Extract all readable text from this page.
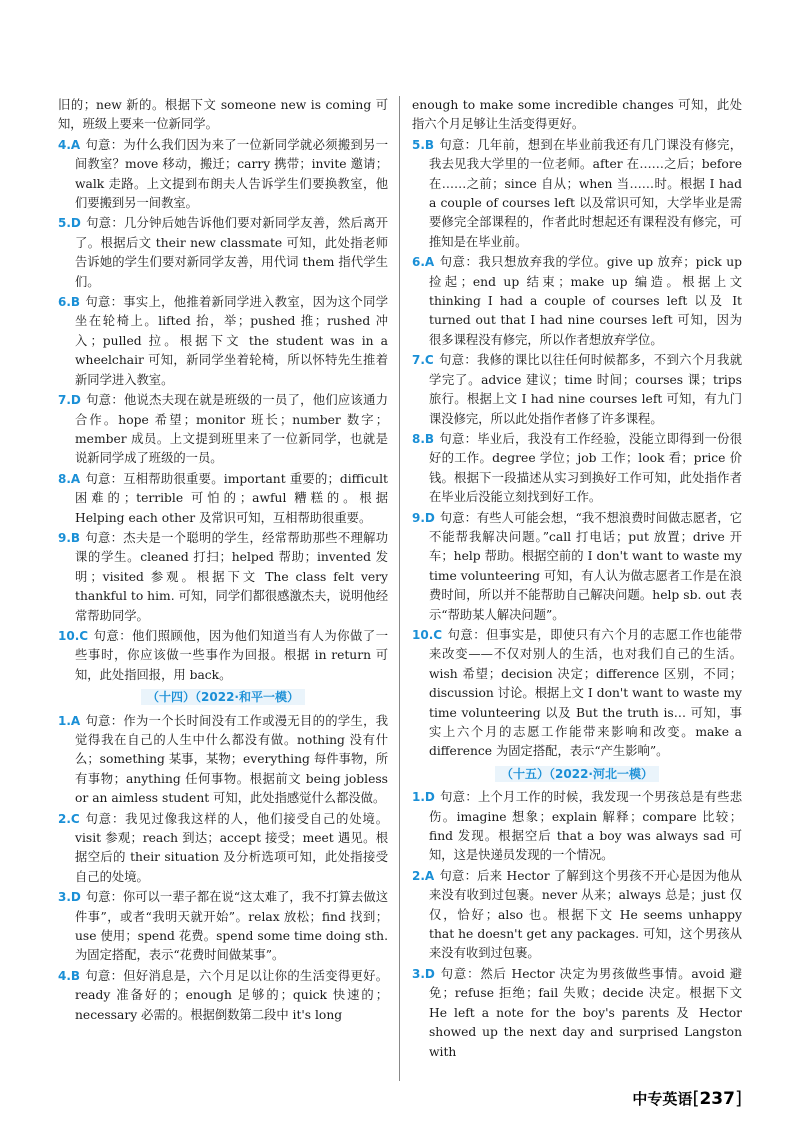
旧的；new 新的。根据下文 someone new is coming 可知，班级上要来一位新同学。
4.A 句意：为什么我们因为来了一位新同学就必须搬到另一间教室？move 移动，搬迁；carry 携带；invite 邀请；walk 走路。上文提到布朗夫人告诉学生们要换教室，他们要搬到另一间教室。
5.D 句意：几分钟后她告诉他们要对新同学友善，然后离开了。根据后文 their new classmate 可知，此处指老师告诉她的学生们要对新同学友善，用代词 them 指代学生们。
6.B 句意：事实上，他推着新同学进入教室，因为这个同学坐在轮椅上。lifted 抬，举；pushed 推；rushed 冲入；pulled 拉。根据下文 the student was in a wheelchair 可知，新同学坐着轮椅，所以怀特先生推着新同学进入教室。
7.D 句意：他说杰夫现在就是班级的一员了，他们应该通力合作。hope 希望；monitor 班长；number 数字；member 成员。上文提到班里来了一位新同学，也就是说新同学成了班级的一员。
8.A 句意：互相帮助很重要。important 重要的；difficult 困难的；terrible 可怕的；awful 糟糕的。根据 Helping each other 及常识可知，互相帮助很重要。
9.B 句意：杰夫是一个聪明的学生，经常帮助那些不理解功课的学生。cleaned 打扫；helped 帮助；invented 发明；visited 参观。根据下文 The class felt very thankful to him. 可知，同学们都很感激杰夫，说明他经常帮助同学。
10.C 句意：他们照顾他，因为他们知道当有人为你做了一些事时，你应该做一些事作为回报。根据 in return 可知，此处指回报，用 back。
（十四）（2022·和平一模）
1.A 句意：作为一个长时间没有工作或漫无目的的学生，我觉得我在自己的人生中什么都没有做。nothing 没有什么；something 某事，某物；everything 每件事物，所有事物；anything 任何事物。根据前文 being jobless or an aimless student 可知，此处指感觉什么都没做。
2.C 句意：我见过像我这样的人，他们接受自己的处境。visit 参观；reach 到达；accept 接受；meet 遇见。根据空后的 their situation 及分析选项可知，此处指接受自己的处境。
3.D 句意：你可以一辈子都在说“这太难了，我不打算去做这件事”，或者“我明天就开始”。relax 放松；find 找到；use 使用；spend 花费。spend some time doing sth. 为固定搭配，表示“花费时间做某事”。
4.B 句意：但好消息是，六个月足以让你的生活变得更好。ready 准备好的；enough 足够的；quick 快速的；necessary 必需的。根据倒数第二段中 it's long
enough to make some incredible changes 可知，此处指六个月足够让生活变得更好。
5.B 句意：几年前，想到在毕业前我还有几门课没有修完，我去见我大学里的一位老师。after 在……之后；before 在……之前；since 自从；when 当……时。根据 I had a couple of courses left 以及常识可知，大学毕业是需要修完全部课程的，作者此时想起还有课程没有修完，可推知是在毕业前。
6.A 句意：我只想放弃我的学位。give up 放弃；pick up 捡起；end up 结束；make up 编造。根据上文 thinking I had a couple of courses left 以及 It turned out that I had nine courses left 可知，因为很多课程没有修完，所以作者想放弃学位。
7.C 句意：我修的课比以往任何时候都多，不到六个月我就学完了。advice 建议；time 时间；courses 课；trips 旅行。根据上文 I had nine courses left 可知，有九门课没修完，所以此处指作者修了许多课程。
8.B 句意：毕业后，我没有工作经验，没能立即得到一份很好的工作。degree 学位；job 工作；look 看；price 价钱。根据下一段描述从实习到换好工作可知，此处指作者在毕业后没能立刻找到好工作。
9.D 句意：有些人可能会想，“我不想浪费时间做志愿者，它不能帮我解决问题。”call 打电话；put 放置；drive 开车；help 帮助。根据空前的 I don't want to waste my time volunteering 可知，有人认为做志愿者工作是在浪费时间，所以并不能帮助自己解决问题。help sb. out 表示“帮助某人解决问题”。
10.C 句意：但事实是，即使只有六个月的志愿工作也能带来改变——不仅对别人的生活，也对我们自己的生活。wish 希望；decision 决定；difference 区别，不同；discussion 讨论。根据上文 I don't want to waste my time volunteering 以及 But the truth is… 可知，事实上六个月的志愿工作能带来影响和改变。make a difference 为固定搭配，表示“产生影响”。
（十五）（2022·河北一模）
1.D 句意：上个月工作的时候，我发现一个男孩总是有些悲伤。imagine 想象；explain 解释；compare 比较；find 发现。根据空后 that a boy was always sad 可知，这是快递员发现的一个情况。
2.A 句意：后来 Hector 了解到这个男孩不开心是因为他从来没有收到过包裹。never 从来；always 总是；just 仅仅，恰好；also 也。根据下文 He seems unhappy that he doesn't get any packages. 可知，这个男孩从来没有收到过包裹。
3.D 句意：然后 Hector 决定为男孩做些事情。avoid 避免；refuse 拒绝；fail 失败；decide 决定。根据下文 He left a note for the boy's parents 及 Hector showed up the next day and surprised Langston with
中专英语[237]
